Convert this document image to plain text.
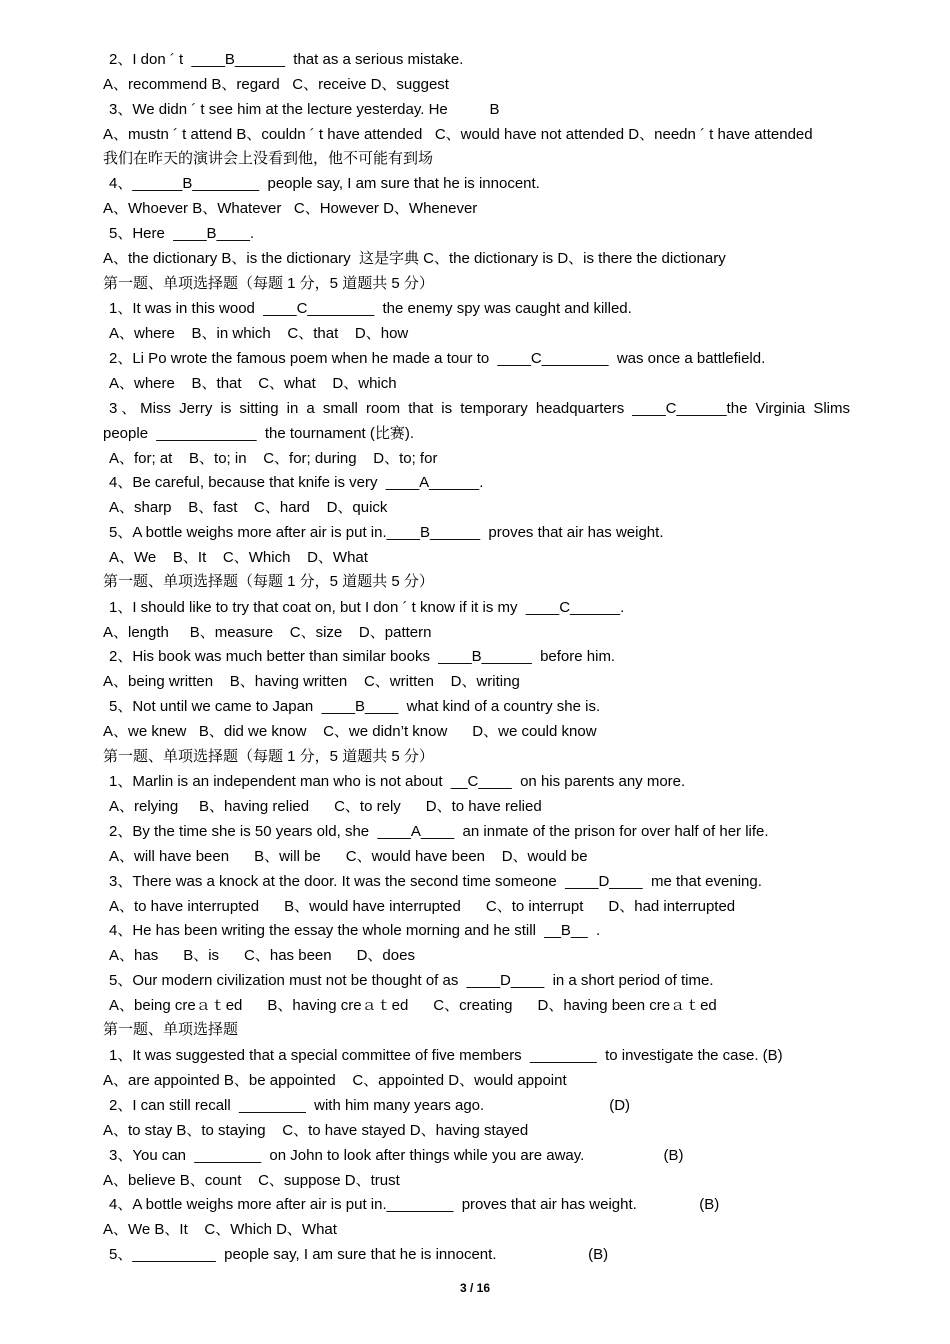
2、I don ´ t  ____B______  that as a serious mistake.
A、recommend B、regard   C、receive D、suggest
3、We didn ´ t see him at the lecture yesterday. He          B
A、mustn ´ t attend B、couldn ´ t have attended   C、would have not attended D、needn ´ t have attended
我们在昨天的演讲会上没看到他，他不可能有到场
4、______B________  people say, I am sure that he is innocent.
A、Whoever B、Whatever   C、However D、Whenever
5、Here  ____B____.
A、the dictionary B、is the dictionary  这是字典 C、the dictionary is D、is there the dictionary
第一题、单项选择题（每题 1 分，5 道题共 5 分）
1、It was in this wood  ____C________  the enemy spy was caught and killed.
A、where    B、in which    C、that    D、how
2、Li Po wrote the famous poem when he made a tour to  ____C________  was once a battlefield.
A、where    B、that    C、what    D、which
3、Miss Jerry is sitting in a small room that is temporary headquarters ____C______the Virginia Slims
people  ____________  the tournament (比赛).
A、for; at    B、to; in    C、for; during    D、to; for
4、Be careful, because that knife is very  ____A______.
A、sharp    B、fast    C、hard    D、quick
5、A bottle weighs more after air is put in.____B______  proves that air has weight.
A、We    B、It    C、Which    D、What
第一题、单项选择题（每题 1 分，5 道题共 5 分）
1、I should like to try that coat on, but I don ´ t know if it is my  ____C______.
A、length     B、measure    C、size    D、pattern
2、His book was much better than similar books  ____B______  before him.
A、being written    B、having written    C、written    D、writing
5、Not until we came to Japan  ____B____  what kind of a country she is.
A、we knew   B、did we know    C、we didn’t know      D、we could know
第一题、单项选择题（每题 1 分，5 道题共 5 分）
1、Marlin is an independent man who is not about  __C____  on his parents any more.
A、relying     B、having relied      C、to rely      D、to have relied
2、By the time she is 50 years old, she  ____A____  an inmate of the prison for over half of her life.
A、will have been      B、will be      C、would have been    D、would be
3、There was a knock at the door. It was the second time someone  ____D____  me that evening.
A、to have interrupted      B、would have interrupted      C、to interrupt      D、had interrupted
4、He has been writing the essay the whole morning and he still  __B__  .
A、has      B、is      C、has been      D、does
5、Our modern civilization must not be thought of as  ____D____  in a short period of time.
A、being creａｔed      B、having creａｔed      C、creating      D、having been creａｔed
第一题、单项选择题
1、It was suggested that a special committee of five members  ________  to investigate the case. (B)
A、are appointed B、be appointed    C、appointed D、would appoint
2、I can still recall  ________  with him many years ago.                              (D)
A、to stay B、to staying    C、to have stayed D、having stayed
3、You can  ________  on John to look after things while you are away.                   (B)
A、believe B、count    C、suppose D、trust
4、A bottle weighs more after air is put in.________  proves that air has weight.               (B)
A、We B、It    C、Which D、What
5、__________  people say, I am sure that he is innocent.                      (B)
3 / 16
